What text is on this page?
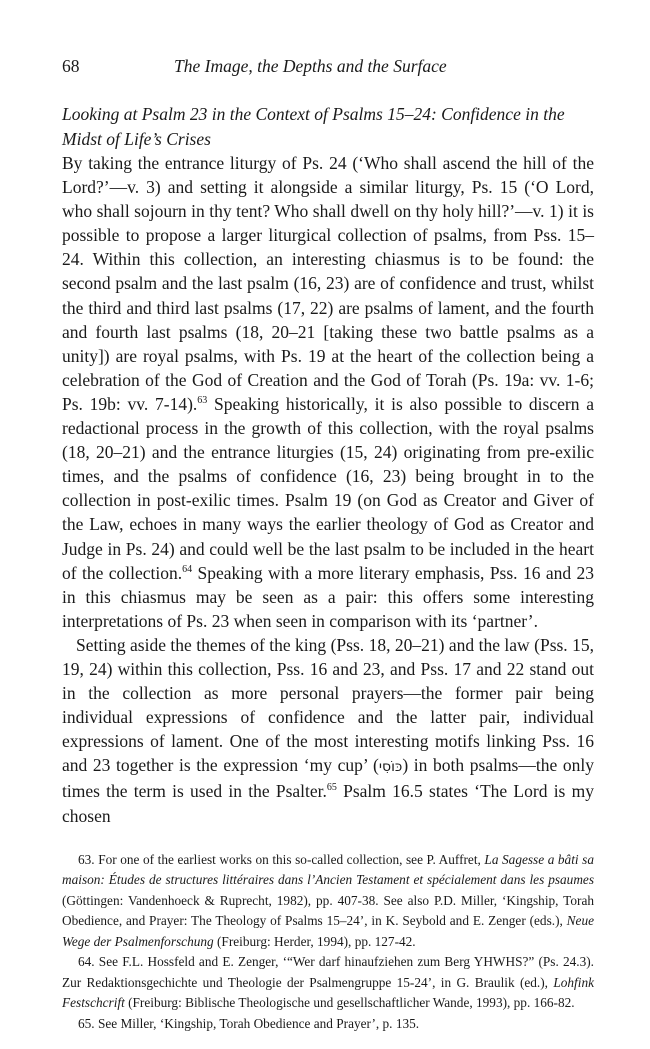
68	The Image, the Depths and the Surface
Looking at Psalm 23 in the Context of Psalms 15–24: Confidence in the Midst of Life’s Crises

By taking the entrance liturgy of Ps. 24 (‘Who shall ascend the hill of the Lord?’—v. 3) and setting it alongside a similar liturgy, Ps. 15 (‘O Lord, who shall sojourn in thy tent? Who shall dwell on thy holy hill?’—v. 1) it is possible to propose a larger liturgical collection of psalms, from Pss. 15–24. Within this collection, an interesting chiasmus is to be found: the second psalm and the last psalm (16, 23) are of confidence and trust, whilst the third and third last psalms (17, 22) are psalms of lament, and the fourth and fourth last psalms (18, 20–21 [taking these two battle psalms as a unity]) are royal psalms, with Ps. 19 at the heart of the collection being a celebration of the God of Creation and the God of Torah (Ps. 19a: vv. 1-6; Ps. 19b: vv. 7-14).$^{63}$ Speaking historically, it is also possible to discern a redactional process in the growth of this collection, with the royal psalms (18, 20–21) and the entrance liturgies (15, 24) originating from pre-exilic times, and the psalms of confidence (16, 23) being brought in to the collection in post-exilic times. Psalm 19 (on God as Creator and Giver of the Law, echoes in many ways the earlier theology of God as Creator and Judge in Ps. 24) and could well be the last psalm to be included in the heart of the collection.$^{64}$ Speaking with a more literary emphasis, Pss. 16 and 23 in this chiasmus may be seen as a pair: this offers some interesting interpretations of Ps. 23 when seen in comparison with its ‘partner’.

Setting aside the themes of the king (Pss. 18, 20–21) and the law (Pss. 15, 19, 24) within this collection, Pss. 16 and 23, and Pss. 17 and 22 stand out in the collection as more personal prayers—the former pair being individual expressions of confidence and the latter pair, individual expressions of lament. One of the most interesting motifs linking Pss. 16 and 23 together is the expression ‘my cup’ (כּוֹסִי) in both psalms—the only times the term is used in the Psalter.$^{65}$ Psalm 16.5 states ‘The Lord is my chosen

63. For one of the earliest works on this so-called collection, see P. Auffret, La Sagesse a bâti sa maison: Études de structures littéraires dans l’Ancien Testament et spécialement dans les psaumes (Göttingen: Vandenhoeck & Ruprecht, 1982), pp. 407-38. See also P.D. Miller, ‘Kingship, Torah Obedience, and Prayer: The Theology of Psalms 15–24’, in K. Seybold and E. Zenger (eds.), Neue Wege der Psalmenforschung (Freiburg: Herder, 1994), pp. 127-42.

64. See F.L. Hossfeld and E. Zenger, ‘“Wer darf hinaufziehen zum Berg YHWHS?” (Ps. 24.3). Zur Redaktionsgechichte und Theologie der Psalmengruppe 15-24’, in G. Braulik (ed.), Lohfink Festschcrift (Freiburg: Biblische Theologische und gesellschaftlicher Wande, 1993), pp. 166-82.

65. See Miller, ‘Kingship, Torah Obedience and Prayer’, p. 135.
